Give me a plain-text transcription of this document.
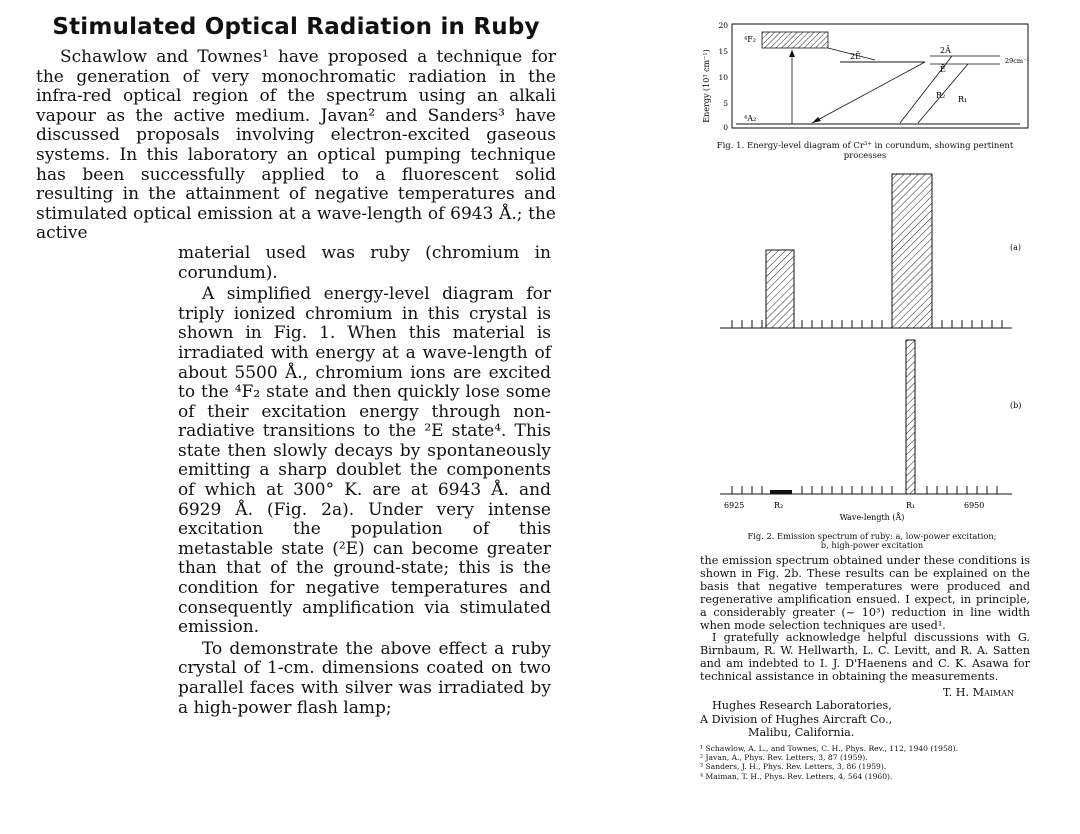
Stimulated Optical Radiation in Ruby

Schawlow and Townes¹ have proposed a technique for the generation of very monochromatic radiation in the infra-red optical region of the spectrum using an alkali vapour as the active medium. Javan² and Sanders³ have discussed proposals involving electron-excited gaseous systems. In this laboratory an optical pumping technique has been successfully applied to a fluorescent solid resulting in the attainment of negative temperatures and stimulated optical emission at a wave-length of 6943 Å.; the active

material used was ruby (chromium in corundum).

A simplified energy-level diagram for triply ionized chromium in this crystal is shown in Fig. 1. When this material is irradiated with energy at a wave-length of about 5500 Å., chromium ions are excited to the ⁴F₂ state and then quickly lose some of their excitation energy through non-radiative transitions to the ²E state⁴. This state then slowly decays by spontaneously emitting a sharp doublet the components of which at 300° K. are at 6943 Å. and 6929 Å. (Fig. 2a). Under very intense excitation the population of this metastable state (²E) can become greater than that of the ground-state; this is the condition for negative temperatures and consequently amplification via stimulated emission.

To demonstrate the above effect a ruby crystal of 1-cm. dimensions coated on two parallel faces with silver was irradiated by a high-power flash lamp;

Energy (10³ cm⁻¹)
20
15
10
5
0
⁴F₂
2Ē
2Ā
Ē
29cm⁻¹
⁴A₂
R₂ R₁

Fig. 1. Energy-level diagram of Cr³⁺ in corundum, showing pertinent processes

(a)
(b)
6925	R₂	R₁	6950
Wave-length (Å)

Fig. 2. Emission spectrum of ruby: a, low-power excitation;

b, high-power excitation

the emission spectrum obtained under these conditions is shown in Fig. 2b. These results can be explained on the basis that negative temperatures were produced and regenerative amplification ensued. I expect, in principle, a considerably greater (~ 10³) reduction in line width when mode selection techniques are used¹.

I gratefully acknowledge helpful discussions with G. Birnbaum, R. W. Hellwarth, L. C. Levitt, and R. A. Satten and am indebted to I. J. D'Haenens and C. K. Asawa for technical assistance in obtaining the measurements.

T. H. Maiman

Hughes Research Laboratories,

A Division of Hughes Aircraft Co.,

Malibu, California.

¹ Schawlow, A. L., and Townes, C. H., Phys. Rev., 112, 1940 (1958).

² Javan, A., Phys. Rev. Letters, 3, 87 (1959).

³ Sanders, J. H., Phys. Rev. Letters, 3, 86 (1959).

⁴ Maiman, T. H., Phys. Rev. Letters, 4, 564 (1960).
